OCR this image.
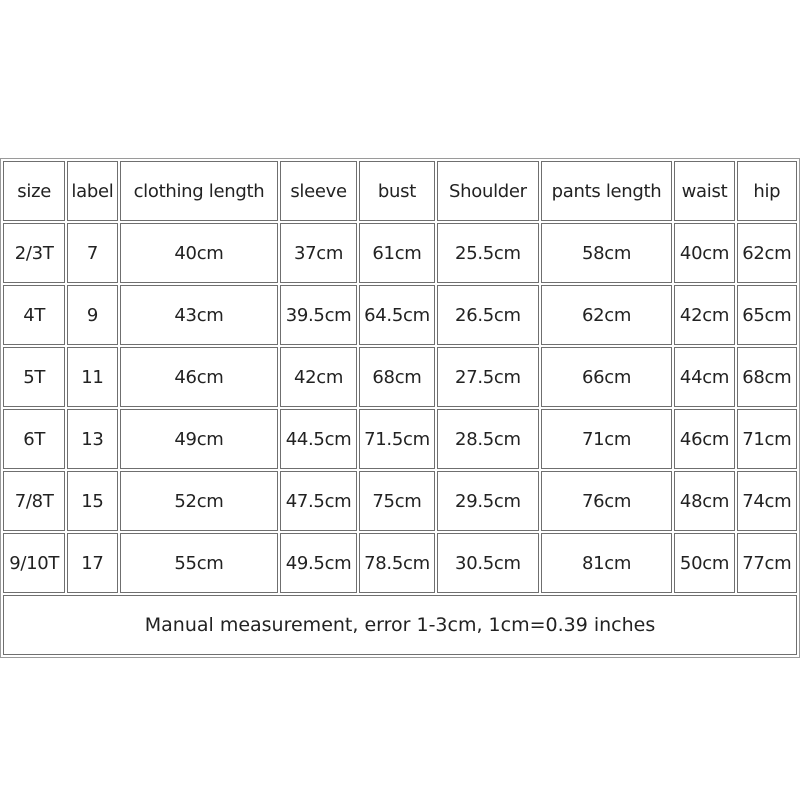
size	label	clothing length	sleeve	bust	Shoulder	pants length	waist	hip
2/3T	7	40cm	37cm	61cm	25.5cm	58cm	40cm	62cm
4T	9	43cm	39.5cm	64.5cm	26.5cm	62cm	42cm	65cm
5T	11	46cm	42cm	68cm	27.5cm	66cm	44cm	68cm
6T	13	49cm	44.5cm	71.5cm	28.5cm	71cm	46cm	71cm
7/8T	15	52cm	47.5cm	75cm	29.5cm	76cm	48cm	74cm
9/10T	17	55cm	49.5cm	78.5cm	30.5cm	81cm	50cm	77cm
Manual measurement, error 1-3cm, 1cm=0.39 inches								
